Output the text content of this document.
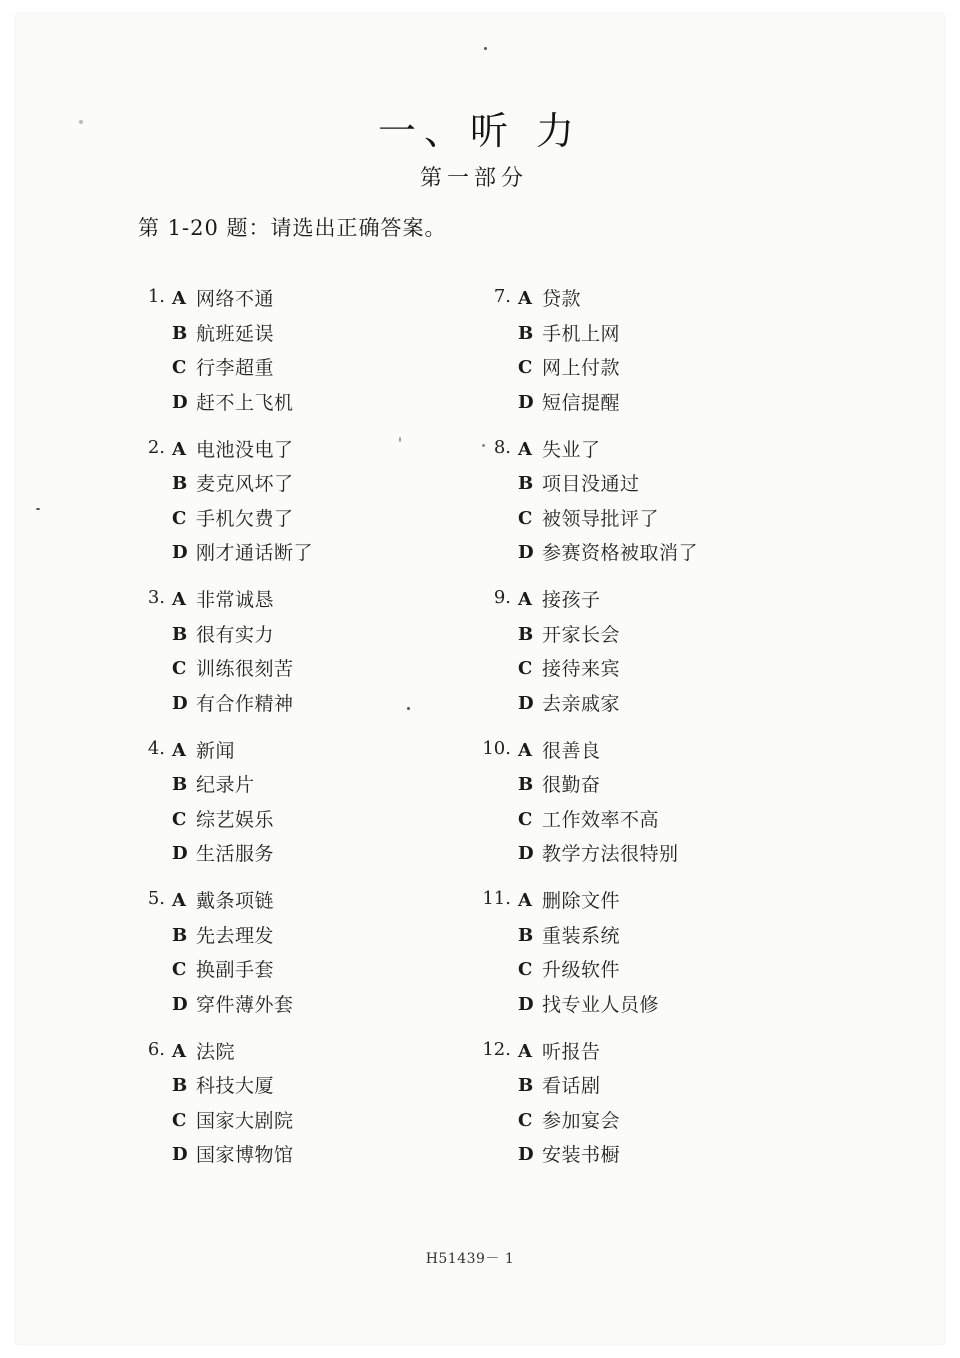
一、听 力
第一部分
第 1-20 题：请选出正确答案。
1. A 网络不通
B 航班延误
C 行李超重
D 赶不上飞机
2. A 电池没电了
B 麦克风坏了
C 手机欠费了
D 刚才通话断了
3. A 非常诚恳
B 很有实力
C 训练很刻苦
D 有合作精神
4. A 新闻
B 纪录片
C 综艺娱乐
D 生活服务
5. A 戴条项链
B 先去理发
C 换副手套
D 穿件薄外套
6. A 法院
B 科技大厦
C 国家大剧院
D 国家博物馆
7. A 贷款
B 手机上网
C 网上付款
D 短信提醒
8. A 失业了
B 项目没通过
C 被领导批评了
D 参赛资格被取消了
9. A 接孩子
B 开家长会
C 接待来宾
D 去亲戚家
10. A 很善良
B 很勤奋
C 工作效率不高
D 教学方法很特别
11. A 删除文件
B 重装系统
C 升级软件
D 找专业人员修
12. A 听报告
B 看话剧
C 参加宴会
D 安装书橱
H51439－ 1
